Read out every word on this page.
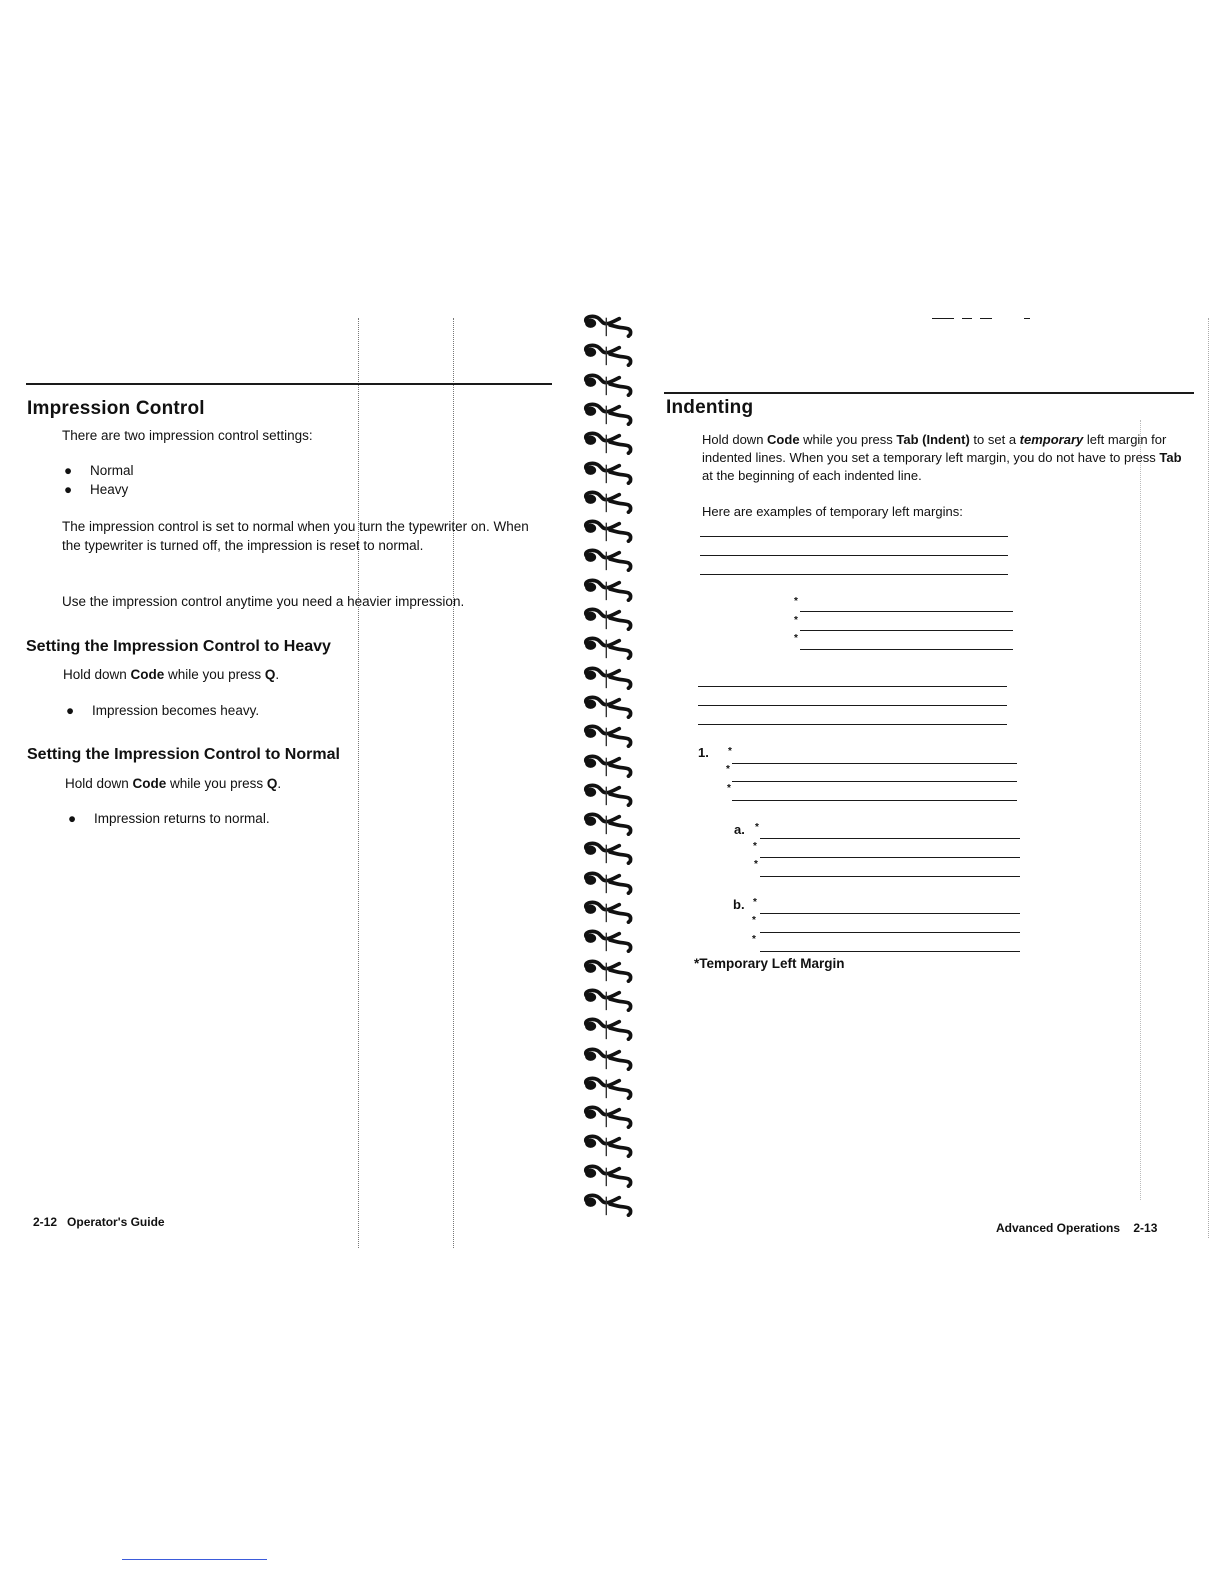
Impression Control
There are two impression control settings:
● Normal
● Heavy
The impression control is set to normal when you turn the typewriter on. When the typewriter is turned off, the impression is reset to normal.
Use the impression control anytime you need a heavier impression.
Setting the Impression Control to Heavy
Hold down Code while you press Q.
● Impression becomes heavy.
Setting the Impression Control to Normal
Hold down Code while you press Q.
● Impression returns to normal.
2-12 Operator's Guide
Indenting
Hold down Code while you press Tab (Indent) to set a temporary left margin for indented lines. When you set a temporary left margin, you do not have to press Tab at the beginning of each indented line.
Here are examples of temporary left margins:
*
*
*
1. *
*
*
a. *
*
*
b. *
*
*
*Temporary Left Margin
Advanced Operations 2-13
